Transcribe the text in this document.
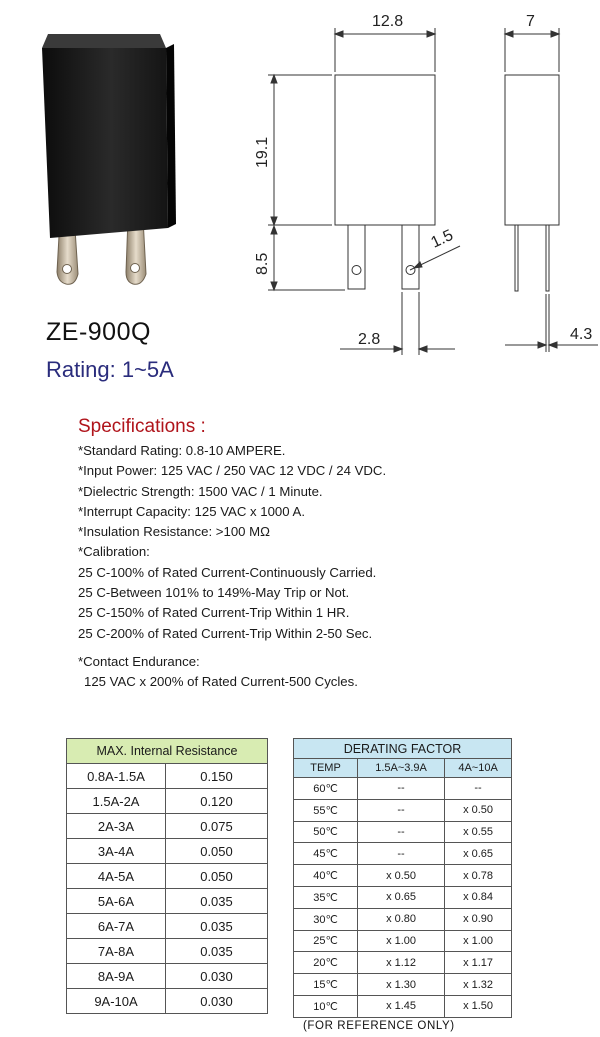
12.8	7
19.1
8.5
1.5
2.8	4.3
ZE-900Q
Rating: 1~5A
Specifications :
*Standard Rating: 0.8-10 AMPERE.
*Input Power: 125 VAC / 250 VAC 12 VDC / 24 VDC.
*Dielectric Strength: 1500 VAC / 1 Minute.
*Interrupt Capacity: 125 VAC x 1000 A.
*Insulation Resistance: >100 MΩ
*Calibration:
25 C-100% of Rated Current-Continuously Carried.
25 C-Between 101% to 149%-May Trip or Not.
25 C-150% of Rated Current-Trip Within 1 HR.
25 C-200% of Rated Current-Trip Within 2-50 Sec.
*Contact Endurance:
125 VAC x 200% of Rated Current-500 Cycles.
MAX. Internal Resistance	
0.8A-1.5A	0.150
1.5A-2A	0.120
2A-3A	0.075
3A-4A	0.050
4A-5A	0.050
5A-6A	0.035
6A-7A	0.035
7A-8A	0.035
8A-9A	0.030
9A-10A	0.030
DERATING FACTOR		
TEMP	1.5A~3.9A	4A~10A
60℃	--	--
55℃	--	x 0.50
50℃	--	x 0.55
45℃	--	x 0.65
40℃	x 0.50	x 0.78
35℃	x 0.65	x 0.84
30℃	x 0.80	x 0.90
25℃	x 1.00	x 1.00
20℃	x 1.12	x 1.17
15℃	x 1.30	x 1.32
10℃	x 1.45	x 1.50
(FOR REFERENCE ONLY)
